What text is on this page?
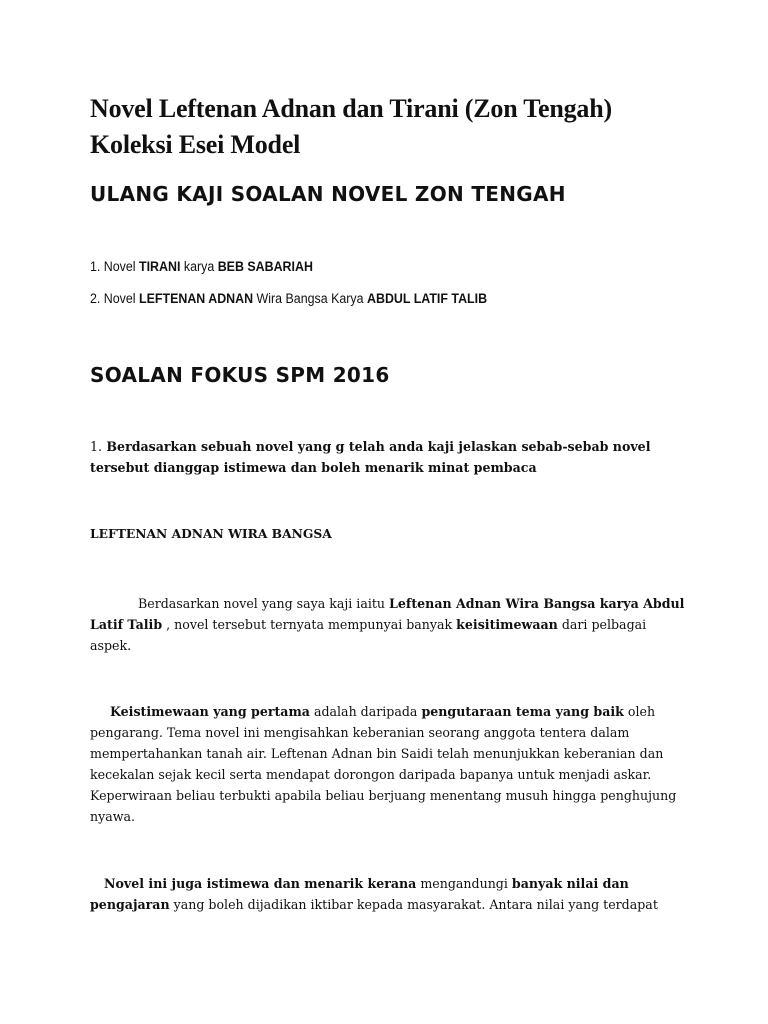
Novel Leftenan Adnan dan Tirani (Zon Tengah)
Koleksi Esei Model
ULANG KAJI SOALAN NOVEL ZON TENGAH
1. Novel TIRANI karya BEB SABARIAH
2. Novel LEFTENAN ADNAN Wira Bangsa Karya ABDUL LATIF TALIB
SOALAN FOKUS SPM 2016
1. Berdasarkan sebuah novel yang g telah anda kaji jelaskan sebab-sebab novel
tersebut dianggap istimewa dan boleh menarik minat pembaca
LEFTENAN ADNAN WIRA BANGSA
Berdasarkan novel yang saya kaji iaitu Leftenan Adnan Wira Bangsa karya Abdul
Latif Talib , novel tersebut ternyata mempunyai banyak keisitimewaan dari pelbagai
aspek.
Keistimewaan yang pertama adalah daripada pengutaraan tema yang baik oleh
pengarang. Tema novel ini mengisahkan keberanian seorang anggota tentera dalam
mempertahankan tanah air. Leftenan Adnan bin Saidi telah menunjukkan keberanian dan
kecekalan sejak kecil serta mendapat dorongon daripada bapanya untuk menjadi askar.
Keperwiraan beliau terbukti apabila beliau berjuang menentang musuh hingga penghujung
nyawa.
Novel ini juga istimewa dan menarik kerana mengandungi banyak nilai dan
pengajaran yang boleh dijadikan iktibar kepada masyarakat. Antara nilai yang terdapat
